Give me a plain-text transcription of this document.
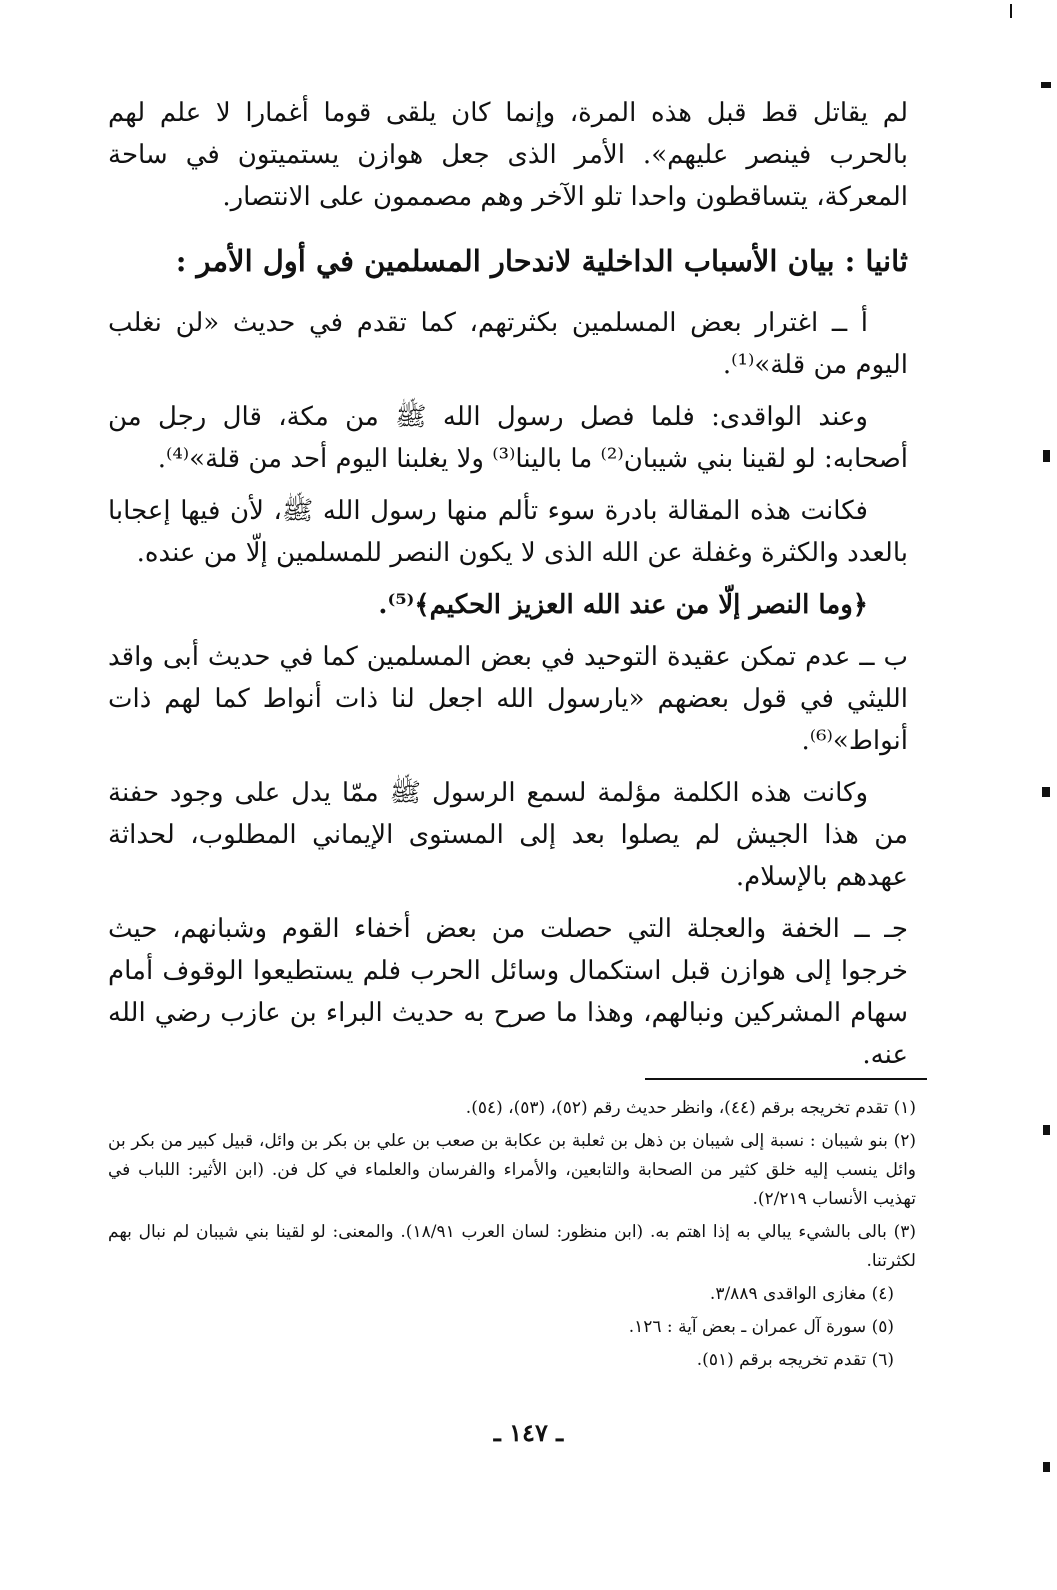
لم يقاتل قط قبل هذه المرة، وإنما كان يلقى قوما أغمارا لا علم لهم بالحرب فينصر عليهم». الأمر الذى جعل هوازن يستميتون في ساحة المعركة، يتساقطون واحدا تلو الآخر وهم مصممون على الانتصار.

ثانيا : بيان الأسباب الداخلية لاندحار المسلمين في أول الأمر :

أ ــ اغترار بعض المسلمين بكثرتهم، كما تقدم في حديث «لن نغلب اليوم من قلة»⁽¹⁾.

وعند الواقدى: فلما فصل رسول الله ﷺ من مكة، قال رجل من أصحابه: لو لقينا بني شيبان⁽²⁾ ما بالينا⁽³⁾ ولا يغلبنا اليوم أحد من قلة»⁽⁴⁾.

فكانت هذه المقالة بادرة سوء تألم منها رسول الله ﷺ، لأن فيها إعجابا بالعدد والكثرة وغفلة عن الله الذى لا يكون النصر للمسلمين إلّا من عنده.

﴿وما النصر إلّا من عند الله العزيز الحكيم﴾⁽⁵⁾.

ب ــ عدم تمكن عقيدة التوحيد في بعض المسلمين كما في حديث أبى واقد الليثي في قول بعضهم «يارسول الله اجعل لنا ذات أنواط كما لهم ذات أنواط»⁽⁶⁾.

وكانت هذه الكلمة مؤلمة لسمع الرسول ﷺ ممّا يدل على وجود حفنة من هذا الجيش لم يصلوا بعد إلى المستوى الإيماني المطلوب، لحداثة عهدهم بالإسلام.

جـ ــ الخفة والعجلة التي حصلت من بعض أخفاء القوم وشبانهم، حيث خرجوا إلى هوازن قبل استكمال وسائل الحرب فلم يستطيعوا الوقوف أمام سهام المشركين ونبالهم، وهذا ما صرح به حديث البراء بن عازب رضي الله عنه.

(١) تقدم تخريجه برقم (٤٤)، وانظر حديث رقم (٥٢)، (٥٣)، (٥٤).

(٢) بنو شيبان : نسبة إلى شيبان بن ذهل بن ثعلبة بن عكابة بن صعب بن علي بن بكر بن وائل، قبيل كبير من بكر بن وائل ينسب إليه خلق كثير من الصحابة والتابعين، والأمراء والفرسان والعلماء في كل فن. (ابن الأثير: اللباب في تهذيب الأنساب ٢/٢١٩).

(٣) بالى بالشيء يبالي به إذا اهتم به. (ابن منظور: لسان العرب ١٨/٩١). والمعنى: لو لقينا بني شيبان لم نبال بهم لكثرتنا.

(٤) مغازى الواقدى ٣/٨٨٩.

(٥) سورة آل عمران ـ بعض آية : ١٢٦.

(٦) تقدم تخريجه برقم (٥١).

ـ ١٤٧ ـ
